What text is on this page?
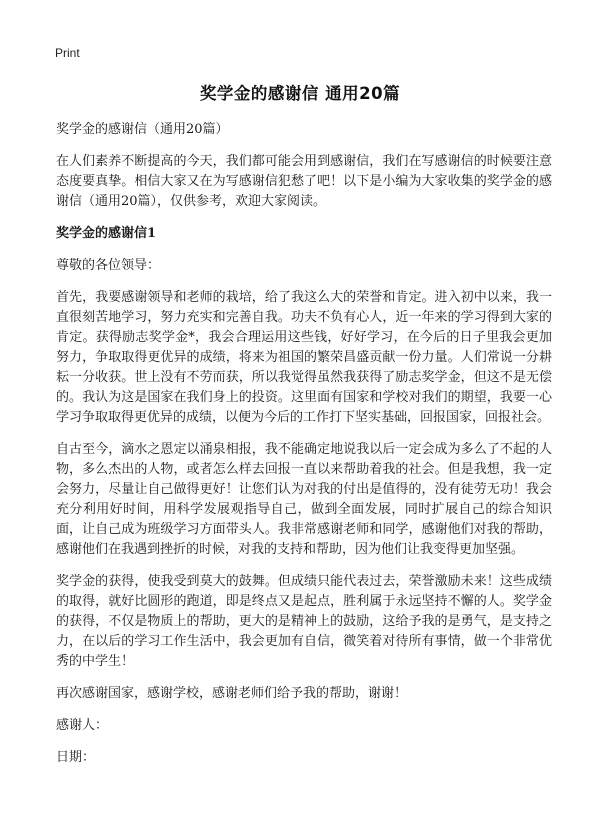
Print
奖学金的感谢信 通用20篇
奖学金的感谢信（通用20篇）

在人们素养不断提高的今天，我们都可能会用到感谢信，我们在写感谢信的时候要注意态度要真挚。相信大家又在为写感谢信犯愁了吧！以下是小编为大家收集的奖学金的感谢信（通用20篇），仅供参考，欢迎大家阅读。

奖学金的感谢信1

尊敬的各位领导：

首先，我要感谢领导和老师的栽培，给了我这么大的荣誉和肯定。进入初中以来，我一直很刻苦地学习，努力充实和完善自我。功夫不负有心人，近一年来的学习得到大家的肯定。获得励志奖学金*，我会合理运用这些钱，好好学习，在今后的日子里我会更加努力，争取取得更优异的成绩，将来为祖国的繁荣昌盛贡献一份力量。人们常说一分耕耘一分收获。世上没有不劳而获，所以我觉得虽然我获得了励志奖学金，但这不是无偿的。我认为这是国家在我们身上的投资。这里面有国家和学校对我们的期望，我要一心学习争取取得更优异的成绩，以便为今后的工作打下坚实基础，回报国家，回报社会。

自古至今，滴水之恩定以涌泉相报，我不能确定地说我以后一定会成为多么了不起的人物，多么杰出的人物，或者怎么样去回报一直以来帮助着我的社会。但是我想，我一定会努力，尽量让自己做得更好！让您们认为对我的付出是值得的，没有徒劳无功！我会充分利用好时间，用科学发展观指导自己，做到全面发展，同时扩展自己的综合知识面，让自己成为班级学习方面带头人。我非常感谢老师和同学，感谢他们对我的帮助，感谢他们在我遇到挫折的时候，对我的支持和帮助，因为他们让我变得更加坚强。

奖学金的获得，使我受到莫大的鼓舞。但成绩只能代表过去，荣誉激励未来！这些成绩的取得，就好比圆形的跑道，即是终点又是起点，胜利属于永远坚持不懈的人。奖学金的获得，不仅是物质上的帮助，更大的是精神上的鼓励，这给予我的是勇气，是支持之力，在以后的学习工作生活中，我会更加有自信，微笑着对待所有事情，做一个非常优秀的中学生！

再次感谢国家，感谢学校，感谢老师们给予我的帮助，谢谢！

感谢人：

日期：
